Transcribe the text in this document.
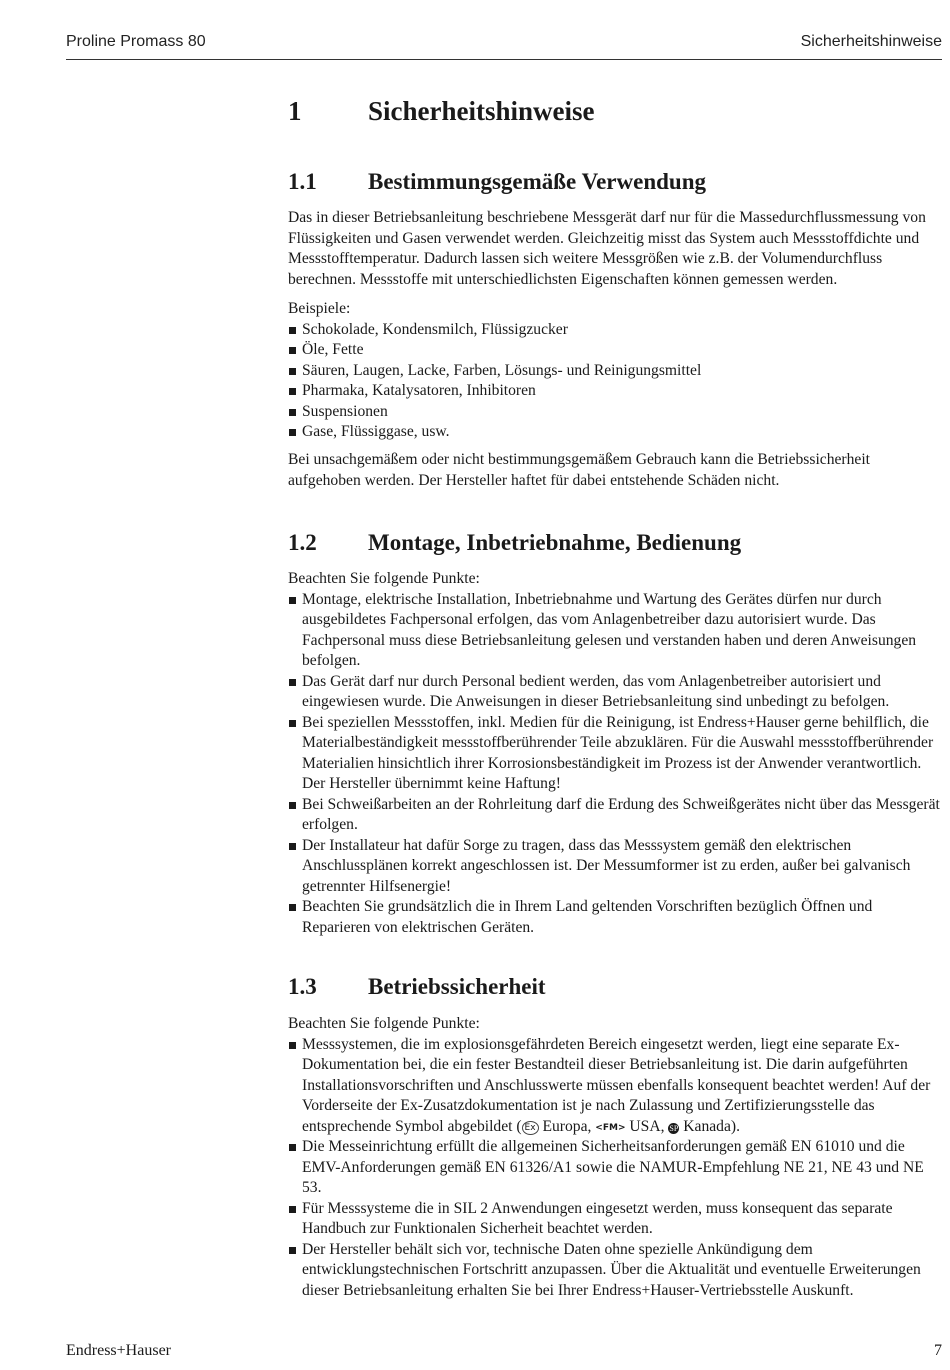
Proline Promass 80	Sicherheitshinweise
1 Sicherheitshinweise
1.1 Bestimmungsgemäße Verwendung

Das in dieser Betriebsanleitung beschriebene Messgerät darf nur für die Massedurchflussmessung von Flüssigkeiten und Gasen verwendet werden. Gleichzeitig misst das System auch Messstoffdichte und Messstofftemperatur. Dadurch lassen sich weitere Messgrößen wie z.B. der Volumendurchfluss berechnen. Messstoffe mit unterschiedlichsten Eigenschaften können gemessen werden.

Beispiele:

Schokolade, Kondensmilch, Flüssigzucker
Öle, Fette
Säuren, Laugen, Lacke, Farben, Lösungs- und Reinigungsmittel
Pharmaka, Katalysatoren, Inhibitoren
Suspensionen
Gase, Flüssiggase, usw.

Bei unsachgemäßem oder nicht bestimmungsgemäßem Gebrauch kann die Betriebssicherheit aufgehoben werden. Der Hersteller haftet für dabei entstehende Schäden nicht.

1.2 Montage, Inbetriebnahme, Bedienung

Beachten Sie folgende Punkte:

Montage, elektrische Installation, Inbetriebnahme und Wartung des Gerätes dürfen nur durch ausgebildetes Fachpersonal erfolgen, das vom Anlagenbetreiber dazu autorisiert wurde. Das Fachpersonal muss diese Betriebsanleitung gelesen und verstanden haben und deren Anweisungen befolgen.
Das Gerät darf nur durch Personal bedient werden, das vom Anlagenbetreiber autorisiert und eingewiesen wurde. Die Anweisungen in dieser Betriebsanleitung sind unbedingt zu befolgen.
Bei speziellen Messstoffen, inkl. Medien für die Reinigung, ist Endress+Hauser gerne behilflich, die Materialbeständigkeit messstoffberührender Teile abzuklären. Für die Auswahl messstoffberührender Materialien hinsichtlich ihrer Korrosionsbeständigkeit im Prozess ist der Anwender verantwortlich. Der Hersteller übernimmt keine Haftung!
Bei Schweißarbeiten an der Rohrleitung darf die Erdung des Schweißgerätes nicht über das Messgerät erfolgen.
Der Installateur hat dafür Sorge zu tragen, dass das Messsystem gemäß den elektrischen Anschlussplänen korrekt angeschlossen ist. Der Messumformer ist zu erden, außer bei galvanisch getrennter Hilfsenergie!
Beachten Sie grundsätzlich die in Ihrem Land geltenden Vorschriften bezüglich Öffnen und Reparieren von elektrischen Geräten.
1.3 Betriebssicherheit

Beachten Sie folgende Punkte:

Messsystemen, die im explosionsgefährdeten Bereich eingesetzt werden, liegt eine separate Ex-Dokumentation bei, die ein fester Bestandteil dieser Betriebsanleitung ist. Die darin aufgeführten Installationsvorschriften und Anschlusswerte müssen ebenfalls konsequent beachtet werden! Auf der Vorderseite der Ex-Zusatzdokumentation ist je nach Zulassung und Zertifizierungsstelle das entsprechende Symbol abgebildet ( Ex Europa, <FM> USA, SP Kanada).
Die Messeinrichtung erfüllt die allgemeinen Sicherheitsanforderungen gemäß EN 61010 und die EMV-Anforderungen gemäß EN 61326/A1 sowie die NAMUR-Empfehlung NE 21, NE 43 und NE 53.
Für Messsysteme die in SIL 2 Anwendungen eingesetzt werden, muss konsequent das separate Handbuch zur Funktionalen Sicherheit beachtet werden.
Der Hersteller behält sich vor, technische Daten ohne spezielle Ankündigung dem entwicklungstechnischen Fortschritt anzupassen. Über die Aktualität und eventuelle Erweiterungen dieser Betriebsanleitung erhalten Sie bei Ihrer Endress+Hauser-Vertriebsstelle Auskunft.
Endress+Hauser	7
